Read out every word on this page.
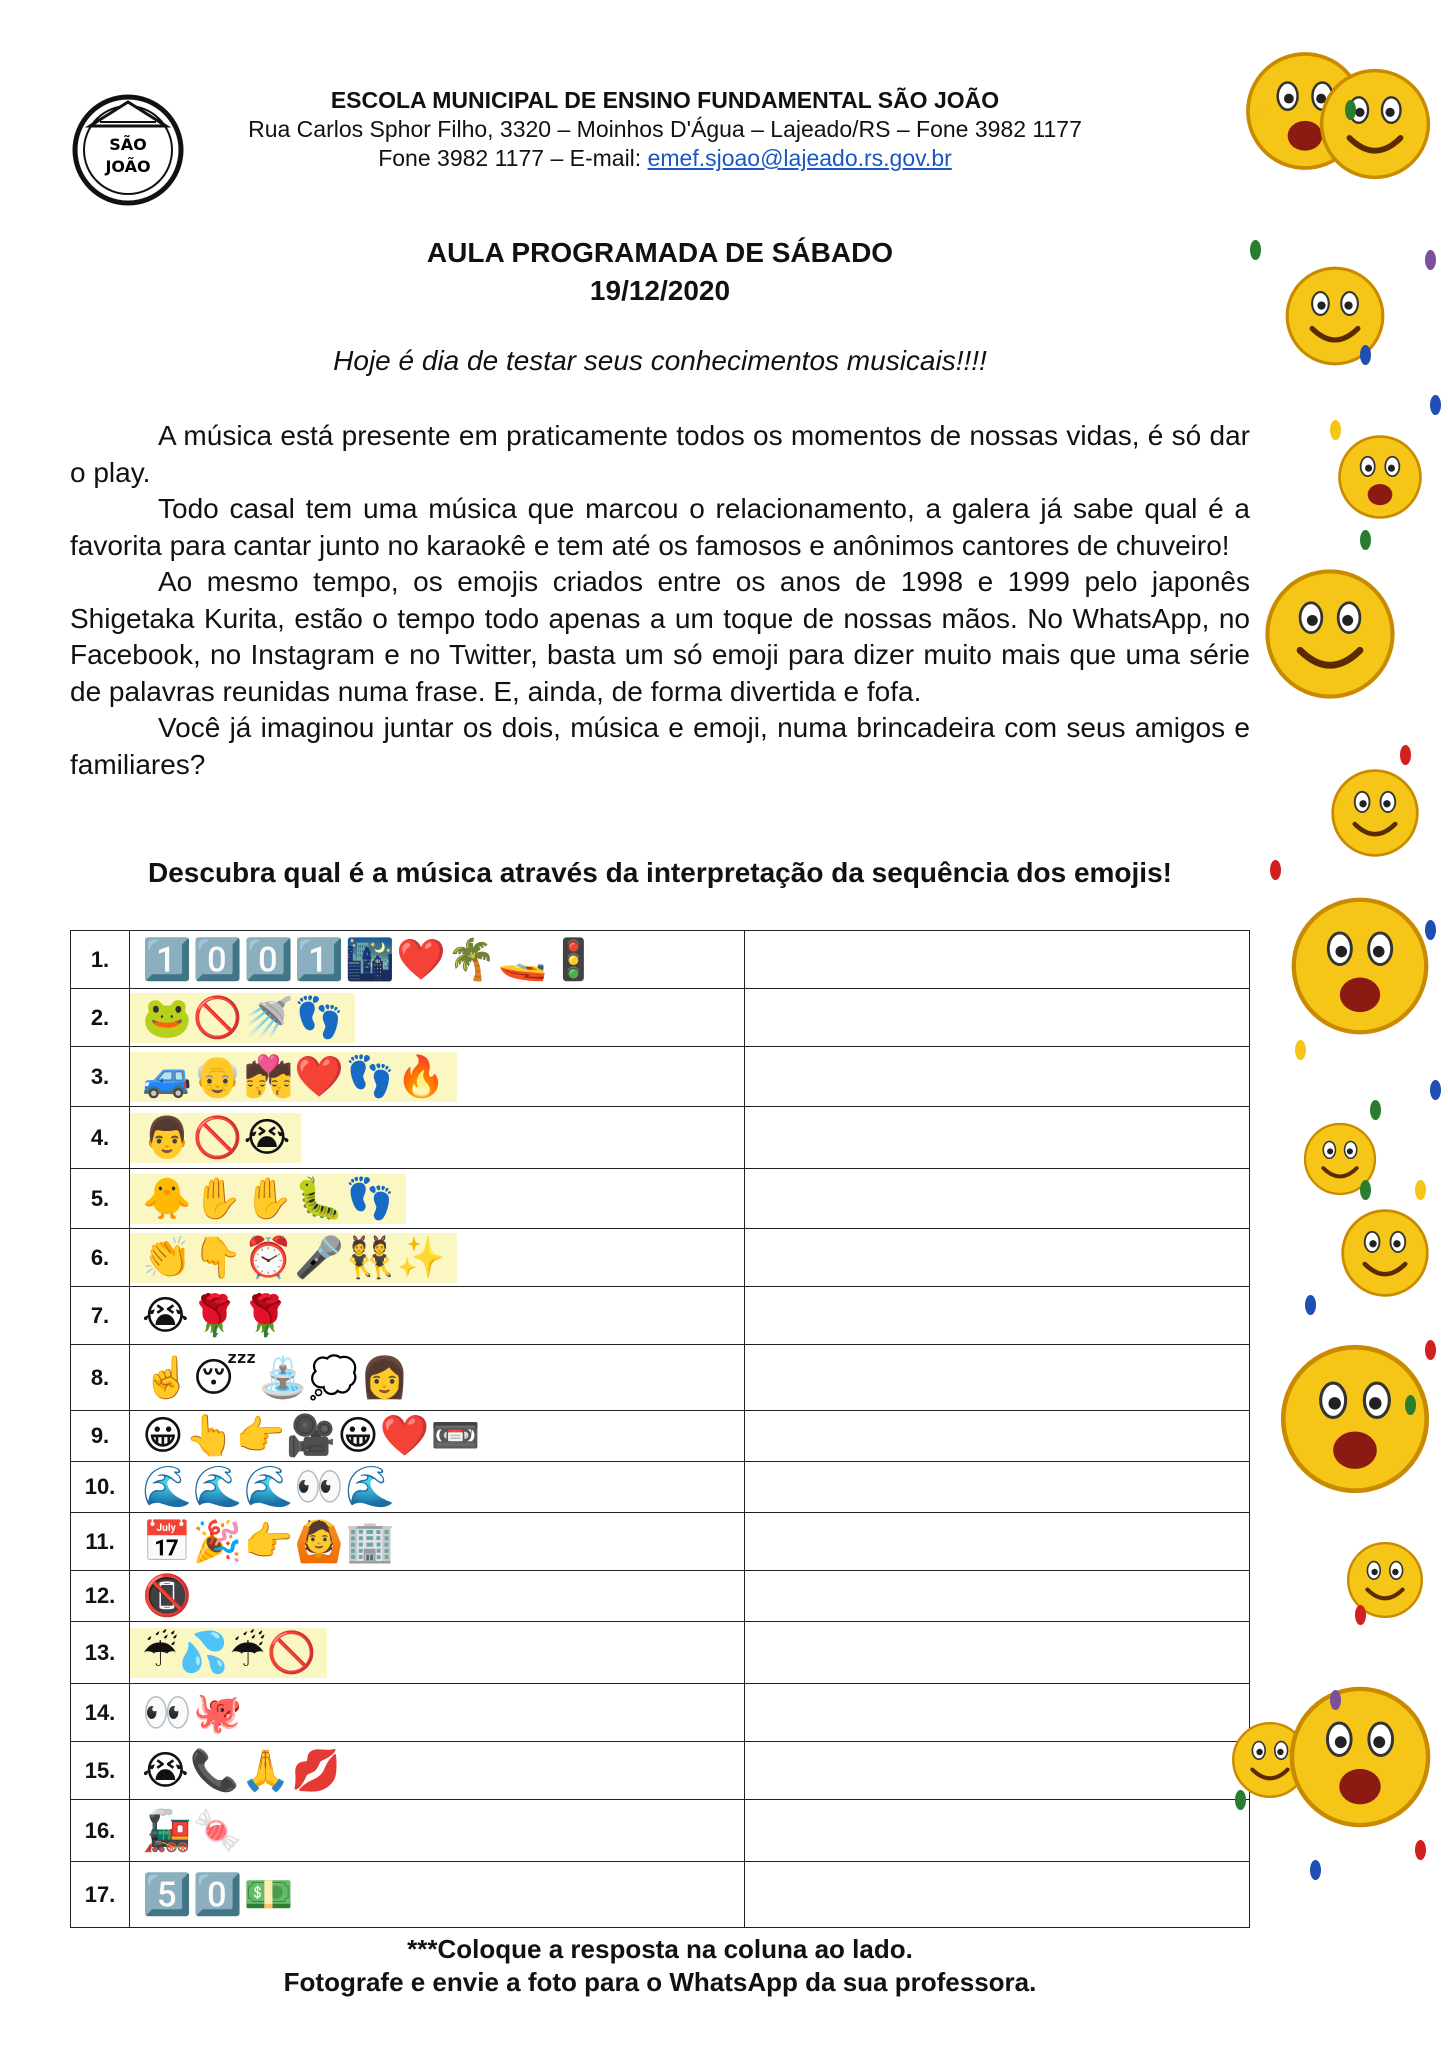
SÃO
JOÃO
ESCOLA MUNICIPAL DE ENSINO FUNDAMENTAL SÃO JOÃO
Rua Carlos Sphor Filho, 3320 – Moinhos D'Água – Lajeado/RS – Fone 3982 1177
Fone 3982 1177 – E-mail: emef.sjoao@lajeado.rs.gov.br
AULA PROGRAMADA DE SÁBADO
19/12/2020
Hoje é dia de testar seus conhecimentos musicais!!!!

A música está presente em praticamente todos os momentos de nossas vidas, é só dar o play.

Todo casal tem uma música que marcou o relacionamento, a galera já sabe qual é a favorita para cantar junto no karaokê e tem até os famosos e anônimos cantores de chuveiro!

Ao mesmo tempo, os emojis criados entre os anos de 1998 e 1999 pelo japonês Shigetaka Kurita, estão o tempo todo apenas a um toque de nossas mãos. No WhatsApp, no Facebook, no Instagram e no Twitter, basta um só emoji para dizer muito mais que uma série de palavras reunidas numa frase. E, ainda, de forma divertida e fofa.

Você já imaginou juntar os dois, música e emoji, numa brincadeira com seus amigos e familiares?

Descubra qual é a música através da interpretação da sequência dos emojis!
1.	1️⃣0️⃣0️⃣1️⃣🌃❤️🌴🚤🚦	
2.	🐸🚫🚿👣	
3.	🚙👴💏❤️👣🔥	
4.	👨🚫😭	
5.	🐥✋✋🐛👣	
6.	👏👇⏰🎤👯✨	
7.	😭🌹🌹	
8.	☝️😴⛲💭👩	
9.	😀👆👉🎥😀❤️📼	
10.	🌊🌊🌊👀🌊	
11.	📅🎉👉🙆🏢	
12.	📵	
13.	☔💦☔🚫	
14.	👀🐙	
15.	😭📞🙏💋	
16.	🚂🍬	
17.	5️⃣0️⃣💵	
***Coloque a resposta na coluna ao lado.
Fotografe e envie a foto para o WhatsApp da sua professora.
